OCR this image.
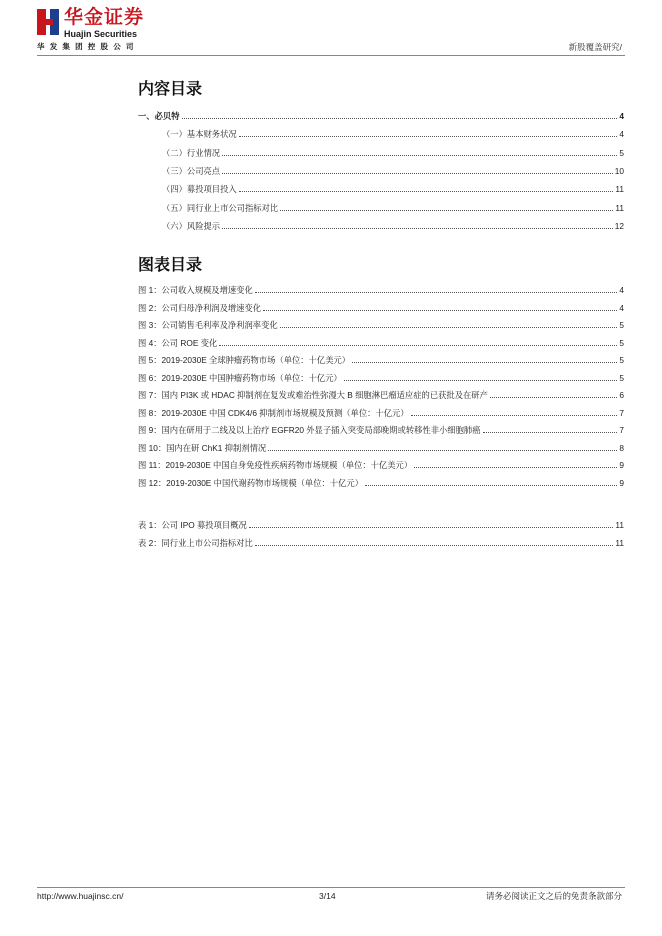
华金证券
Huajin Securities
华发集团控股公司	新股覆盖研究/
内容目录
一、必贝特	4
（一）基本财务状况	4
（二）行业情况	5
（三）公司亮点	10
（四）募投项目投入	11
（五）同行业上市公司指标对比	11
（六）风险提示	12
图表目录
图 1：公司收入规模及增速变化	4
图 2：公司归母净利润及增速变化	4
图 3：公司销售毛利率及净利润率变化	5
图 4：公司 ROE 变化	5
图 5：2019-2030E 全球肿瘤药物市场（单位：十亿美元）	5
图 6：2019-2030E 中国肿瘤药物市场（单位：十亿元）	5
图 7：国内 PI3K 或 HDAC 抑制剂在复发或难治性弥漫大 B 细胞淋巴瘤适应症的已获批及在研产	6
图 8：2019-2030E 中国 CDK4/6 抑制剂市场规模及预测（单位：十亿元）	7
图 9：国内在研用于二线及以上治疗 EGFR20 外显子插入突变局部晚期或转移性非小细胞肺癌	7
图 10：国内在研 ChK1 抑制剂情况	8
图 11：2019-2030E 中国自身免疫性疾病药物市场规模（单位：十亿美元）	9
图 12：2019-2030E 中国代谢药物市场规模（单位：十亿元）	9
表 1：公司 IPO 募投项目概况	11
表 2：同行业上市公司指标对比	11
http://www.huajinsc.cn/	3/14	请务必阅读正文之后的免责条款部分
